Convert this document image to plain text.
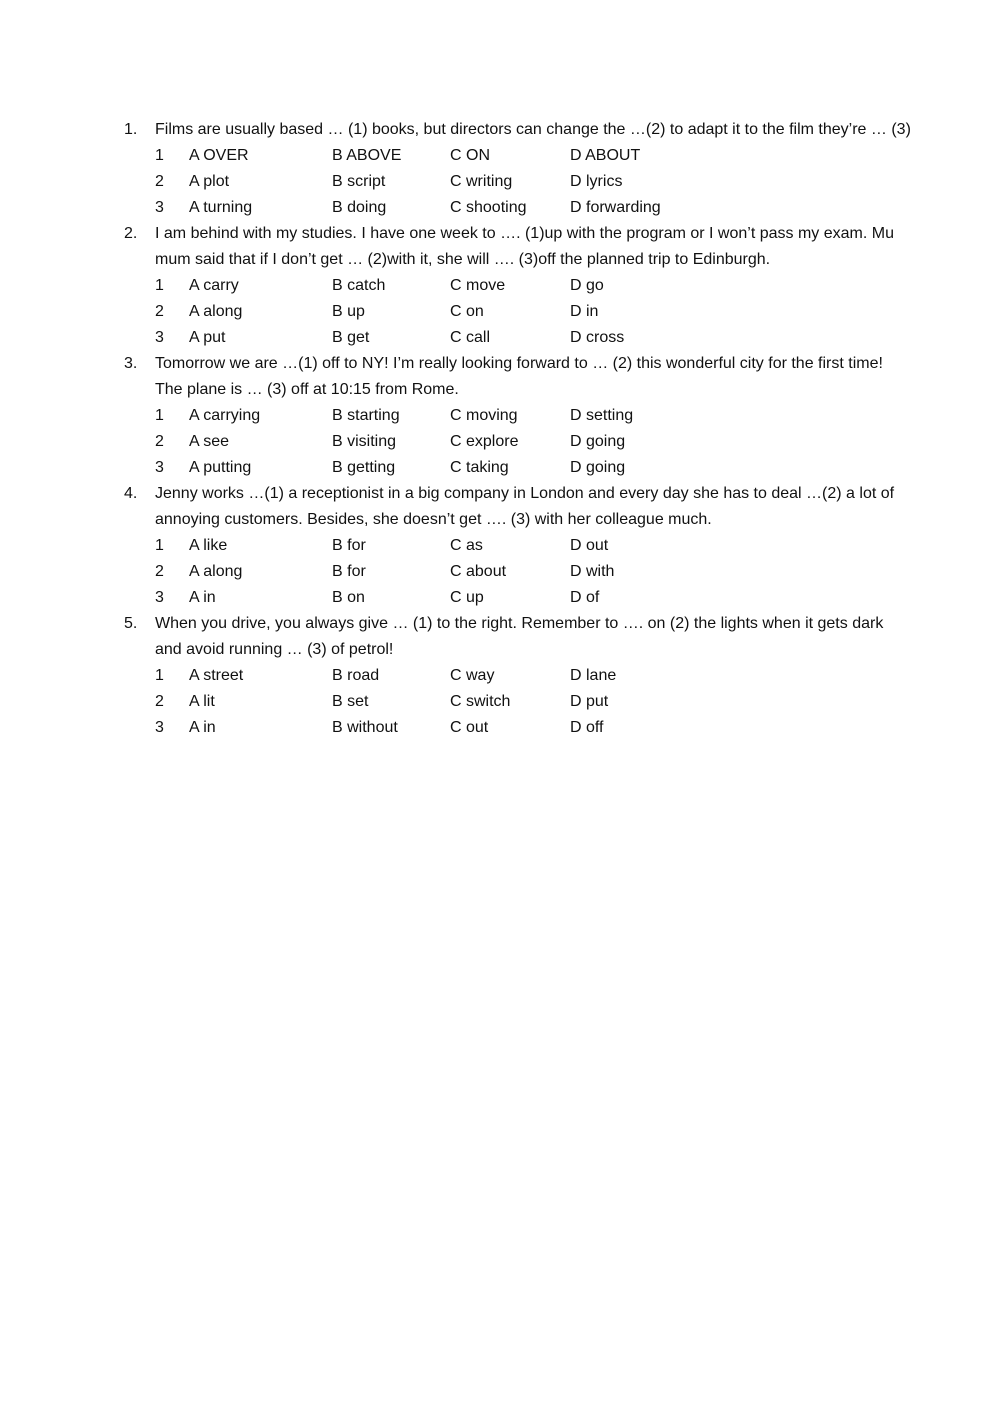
1. Films are usually based … (1) books, but directors can change the …(2) to adapt it to the film they’re … (3)
1	A OVER	B ABOVE	C ON	D ABOUT
2	A plot	B script	C writing	D lyrics
3	A turning	B doing	C shooting	D forwarding
2. I am behind with my studies. I have one week to …. (1)up with the program or I won’t pass my exam. Mu mum said that if I don’t get … (2)with it, she will …. (3)off the planned trip to Edinburgh.
1	A carry	B catch	C move	D go
2	A along	B up	C on	D in
3	A put	B get	C call	D cross
3. Tomorrow we are …(1) off to NY! I’m really looking forward to … (2) this wonderful city for the first time! The plane is … (3) off at 10:15 from Rome.
1	A carrying	B starting	C moving	D setting
2	A see	B visiting	C explore	D going
3	A putting	B getting	C taking	D going
4. Jenny works …(1) a receptionist in a big company in London and every day she has to deal …(2) a lot of annoying customers. Besides, she doesn’t get …. (3) with her colleague much.
1	A like	B for	C as	D out
2	A along	B for	C about	D with
3	A in	B on	C up	D of
5. When you drive, you always give … (1) to the right. Remember to …. on (2) the lights when it gets dark and avoid running … (3) of petrol!
1	A street	B road	C way	D lane
2	A lit	B set	C switch	D put
3	A in	B without	C out	D off
